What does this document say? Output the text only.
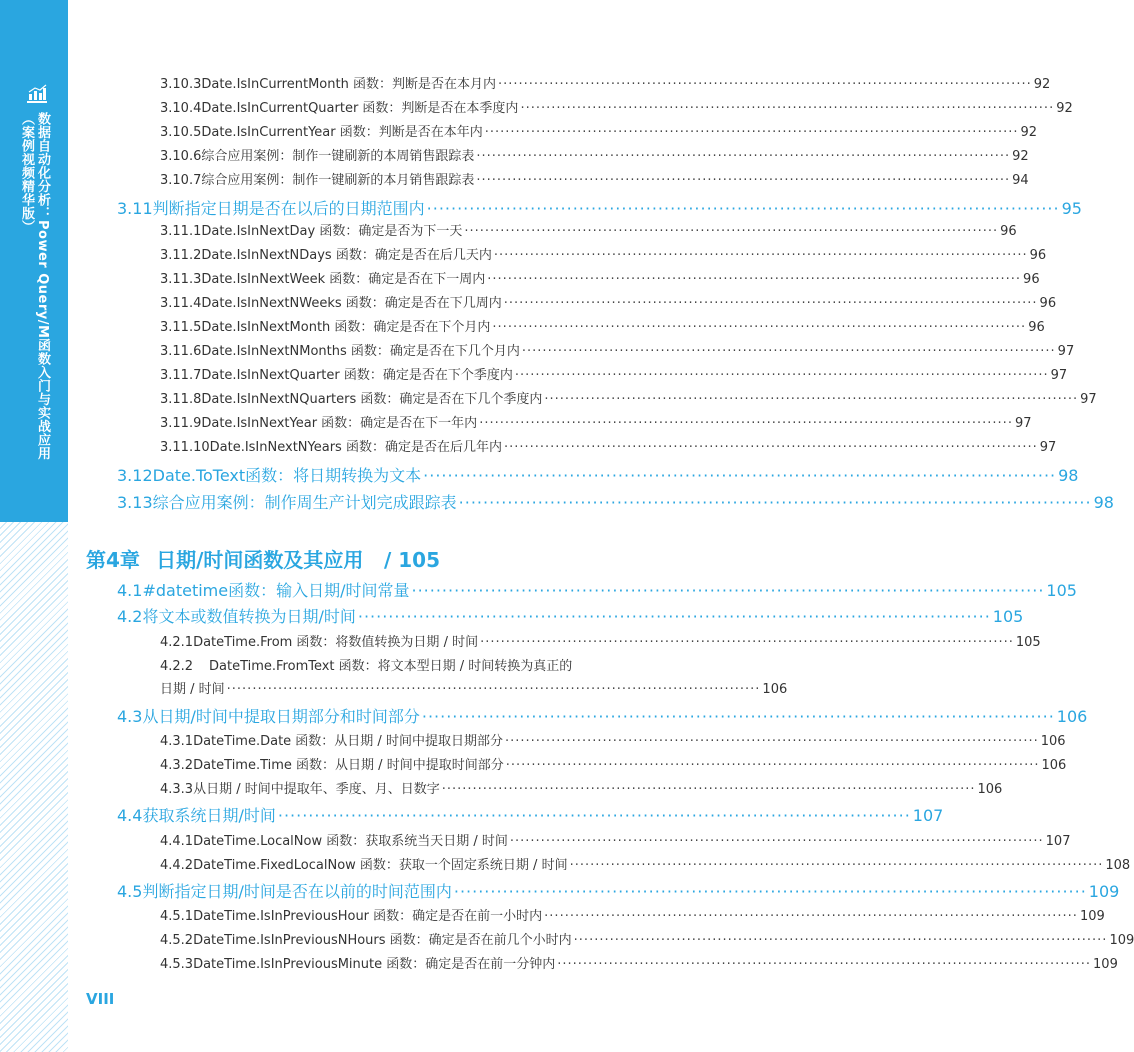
数据自动化分析：Power Query/M函数入门与实战应用
（案例视频精华版）
3.10.3 Date.IsInCurrentMonth 函数：判断是否在本月内 ········································································································ 92
3.10.4 Date.IsInCurrentQuarter 函数：判断是否在本季度内 ········································································································ 92
3.10.5 Date.IsInCurrentYear 函数：判断是否在本年内 ········································································································ 92
3.10.6 综合应用案例：制作一键刷新的本周销售跟踪表 ········································································································ 92
3.10.7 综合应用案例：制作一键刷新的本月销售跟踪表 ········································································································ 94
3.11 判断指定日期是否在以后的日期范围内 ········································································································ 95
3.11.1 Date.IsInNextDay 函数：确定是否为下一天 ········································································································ 96
3.11.2 Date.IsInNextNDays 函数：确定是否在后几天内 ········································································································ 96
3.11.3 Date.IsInNextWeek 函数：确定是否在下一周内 ········································································································ 96
3.11.4 Date.IsInNextNWeeks 函数：确定是否在下几周内 ········································································································ 96
3.11.5 Date.IsInNextMonth 函数：确定是否在下个月内 ········································································································ 96
3.11.6 Date.IsInNextNMonths 函数：确定是否在下几个月内 ········································································································ 97
3.11.7 Date.IsInNextQuarter 函数：确定是否在下个季度内 ········································································································ 97
3.11.8 Date.IsInNextNQuarters 函数：确定是否在下几个季度内 ········································································································ 97
3.11.9 Date.IsInNextYear 函数：确定是否在下一年内 ········································································································ 97
3.11.10 Date.IsInNextNYears 函数：确定是否在后几年内 ········································································································ 97
3.12 Date.ToText函数：将日期转换为文本 ········································································································ 98
3.13 综合应用案例：制作周生产计划完成跟踪表 ········································································································ 98
第4章 日期/时间函数及其应用 / 105
4.1 #datetime函数：输入日期/时间常量 ········································································································ 105
4.2 将文本或数值转换为日期/时间 ········································································································ 105
4.2.1 DateTime.From 函数：将数值转换为日期 / 时间 ········································································································ 105
4.2.2	DateTime.FromText 函数：将文本型日期 / 时间转换为真正的
日期 / 时间 ········································································································ 106
4.3 从日期/时间中提取日期部分和时间部分 ········································································································ 106
4.3.1 DateTime.Date 函数：从日期 / 时间中提取日期部分 ········································································································ 106
4.3.2 DateTime.Time 函数：从日期 / 时间中提取时间部分 ········································································································ 106
4.3.3 从日期 / 时间中提取年、季度、月、日数字 ········································································································ 106
4.4 获取系统日期/时间 ········································································································ 107
4.4.1 DateTime.LocalNow 函数：获取系统当天日期 / 时间 ········································································································ 107
4.4.2 DateTime.FixedLocalNow 函数：获取一个固定系统日期 / 时间 ········································································································ 108
4.5 判断指定日期/时间是否在以前的时间范围内 ········································································································ 109
4.5.1 DateTime.IsInPreviousHour 函数：确定是否在前一小时内 ········································································································ 109
4.5.2 DateTime.IsInPreviousNHours 函数：确定是否在前几个小时内 ········································································································ 109
4.5.3 DateTime.IsInPreviousMinute 函数：确定是否在前一分钟内 ········································································································ 109
VIII
